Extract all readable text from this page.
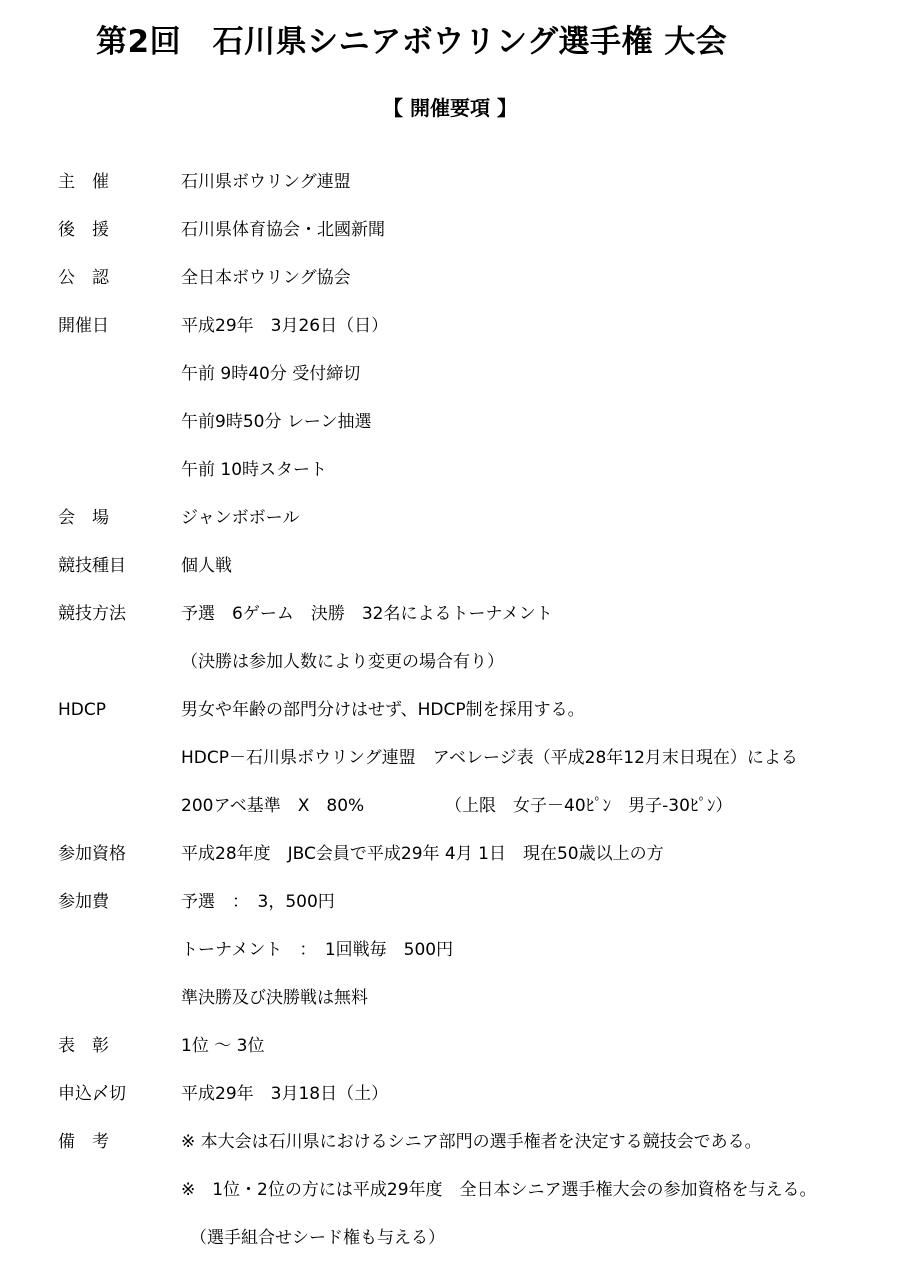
第2回　石川県シニアボウリング選手権 大会
【 開催要項 】
主　催	石川県ボウリング連盟
後　援	石川県体育協会・北國新聞
公　認	全日本ボウリング協会
開催日	平成29年　3月26日（日）
午前 9時40分 受付締切
午前9時50分 レーン抽選
午前 10時スタート
会　場	ジャンボボール
競技種目	個人戦
競技方法	予選　6ゲーム　決勝　32名によるトーナメント
（決勝は参加人数により変更の場合有り）
HDCP	男女や年齢の部門分けはせず、HDCP制を採用する。
HDCP－石川県ボウリング連盟　アベレージ表（平成28年12月末日現在）による
200アベ基準　X　80%	（上限　女子－40ﾋﾟﾝ　男子-30ﾋﾟﾝ）
参加資格	平成28年度　JBC会員で平成29年 4月 1日　現在50歳以上の方
参加費	予選　：　3，500円
トーナメント　：　1回戦毎　500円
準決勝及び決勝戦は無料
表　彰	1位 ～ 3位
申込〆切	平成29年　3月18日（土）
備　考	※ 本大会は石川県におけるシニア部門の選手権者を決定する競技会である。
※　1位・2位の方には平成29年度　全日本シニア選手権大会の参加資格を与える。
（選手組合せシード権も与える）
